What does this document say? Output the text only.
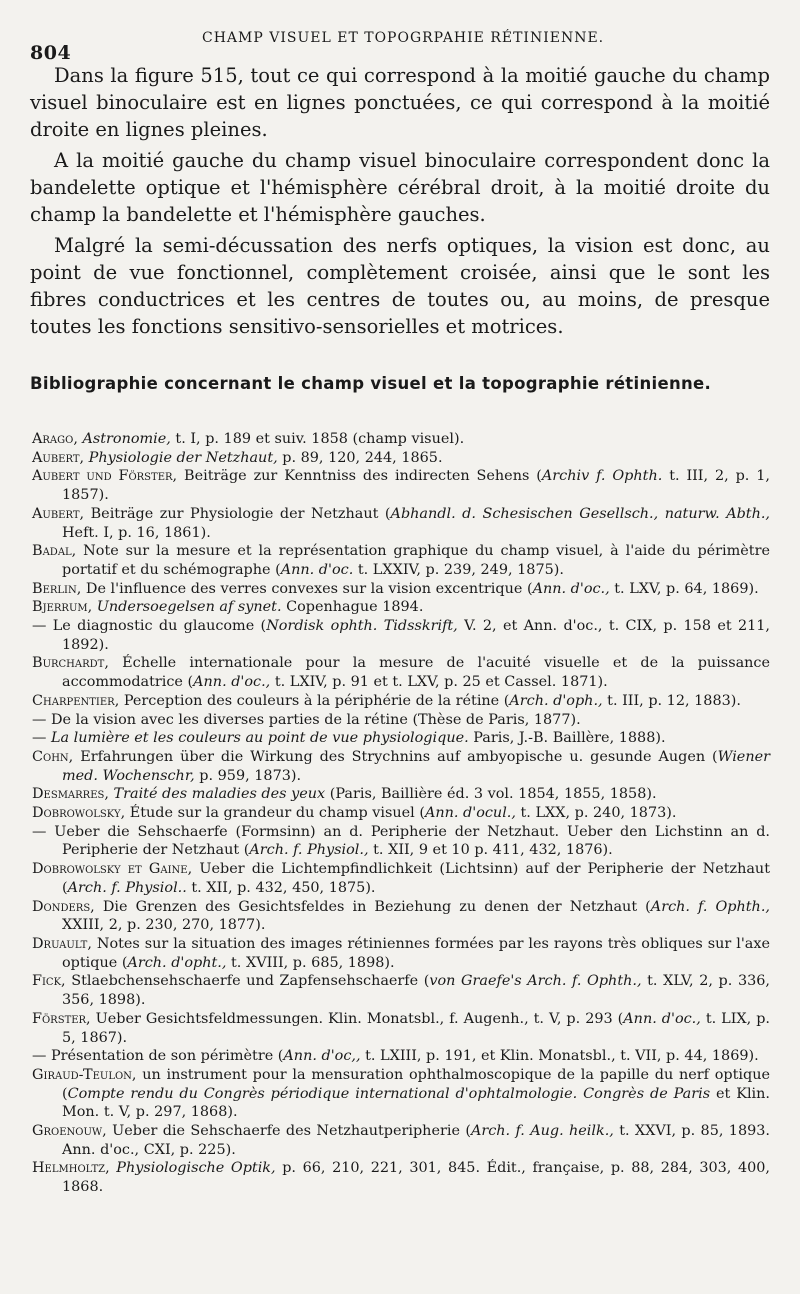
804
CHAMP VISUEL ET TOPOGRPAHIE RÉTINIENNE.

Dans la figure 515, tout ce qui correspond à la moitié gauche du champ visuel binoculaire est en lignes ponctuées, ce qui correspond à la moitié droite en lignes pleines.

A la moitié gauche du champ visuel binoculaire correspondent donc la bandelette optique et l'hémisphère cérébral droit, à la moitié droite du champ la bandelette et l'hémisphère gauches.

Malgré la semi-décussation des nerfs optiques, la vision est donc, au point de vue fonctionnel, complètement croisée, ainsi que le sont les fibres conductrices et les centres de toutes ou, au moins, de presque toutes les fonctions sensitivo-sensorielles et motrices.

Bibliographie concernant le champ visuel et la topographie rétinienne.

Arago, Astronomie, t. I, p. 189 et suiv. 1858 (champ visuel).

Aubert, Physiologie der Netzhaut, p. 89, 120, 244, 1865.

Aubert und Förster, Beiträge zur Kenntniss des indirecten Sehens (Archiv f. Ophth. t. III, 2, p. 1, 1857).

Aubert, Beiträge zur Physiologie der Netzhaut (Abhandl. d. Schesischen Gesellsch., naturw. Abth., Heft. I, p. 16, 1861).

Badal, Note sur la mesure et la représentation graphique du champ visuel, à l'aide du périmètre portatif et du schémographe (Ann. d'oc. t. LXXIV, p. 239, 249, 1875).

Berlin, De l'influence des verres convexes sur la vision excentrique (Ann. d'oc., t. LXV, p. 64, 1869).

Bjerrum, Undersoegelsen af synet. Copenhague 1894.

— Le diagnostic du glaucome (Nordisk ophth. Tidsskrift, V. 2, et Ann. d'oc., t. CIX, p. 158 et 211, 1892).

Burchardt, Échelle internationale pour la mesure de l'acuité visuelle et de la puissance accommodatrice (Ann. d'oc., t. LXIV, p. 91 et t. LXV, p. 25 et Cassel. 1871).

Charpentier, Perception des couleurs à la périphérie de la rétine (Arch. d'oph., t. III, p. 12, 1883).

— De la vision avec les diverses parties de la rétine (Thèse de Paris, 1877).

— La lumière et les couleurs au point de vue physiologique. Paris, J.-B. Baillère, 1888).

Cohn, Erfahrungen über die Wirkung des Strychnins auf ambyopische u. gesunde Augen (Wiener med. Wochenschr, p. 959, 1873).

Desmarres, Traité des maladies des yeux (Paris, Baillière éd. 3 vol. 1854, 1855, 1858).

Dobrowolsky, Étude sur la grandeur du champ visuel (Ann. d'ocul., t. LXX, p. 240, 1873).

— Ueber die Sehschaerfe (Formsinn) an d. Peripherie der Netzhaut. Ueber den Lichstinn an d. Peripherie der Netzhaut (Arch. f. Physiol., t. XII, 9 et 10 p. 411, 432, 1876).

Dobrowolsky et Gaine, Ueber die Lichtempfindlichkeit (Lichtsinn) auf der Peripherie der Netzhaut (Arch. f. Physiol.. t. XII, p. 432, 450, 1875).

Donders, Die Grenzen des Gesichtsfeldes in Beziehung zu denen der Netzhaut (Arch. f. Ophth., XXIII, 2, p. 230, 270, 1877).

Druault, Notes sur la situation des images rétiniennes formées par les rayons très obliques sur l'axe optique (Arch. d'opht., t. XVIII, p. 685, 1898).

Fick, Stlaebchensehschaerfe und Zapfensehschaerfe (von Graefe's Arch. f. Ophth., t. XLV, 2, p. 336, 356, 1898).

Förster, Ueber Gesichtsfeldmessungen. Klin. Monatsbl., f. Augenh., t. V, p. 293 (Ann. d'oc., t. LIX, p. 5, 1867).

— Présentation de son périmètre (Ann. d'oc,, t. LXIII, p. 191, et Klin. Monatsbl., t. VII, p. 44, 1869).

Giraud-Teulon, un instrument pour la mensuration ophthalmoscopique de la papille du nerf optique (Compte rendu du Congrès périodique international d'ophtalmologie. Congrès de Paris et Klin. Mon. t. V, p. 297, 1868).

Groenouw, Ueber die Sehschaerfe des Netzhautperipherie (Arch. f. Aug. heilk., t. XXVI, p. 85, 1893. Ann. d'oc., CXI, p. 225).

Helmholtz, Physiologische Optik, p. 66, 210, 221, 301, 845. Édit., française, p. 88, 284, 303, 400, 1868.
